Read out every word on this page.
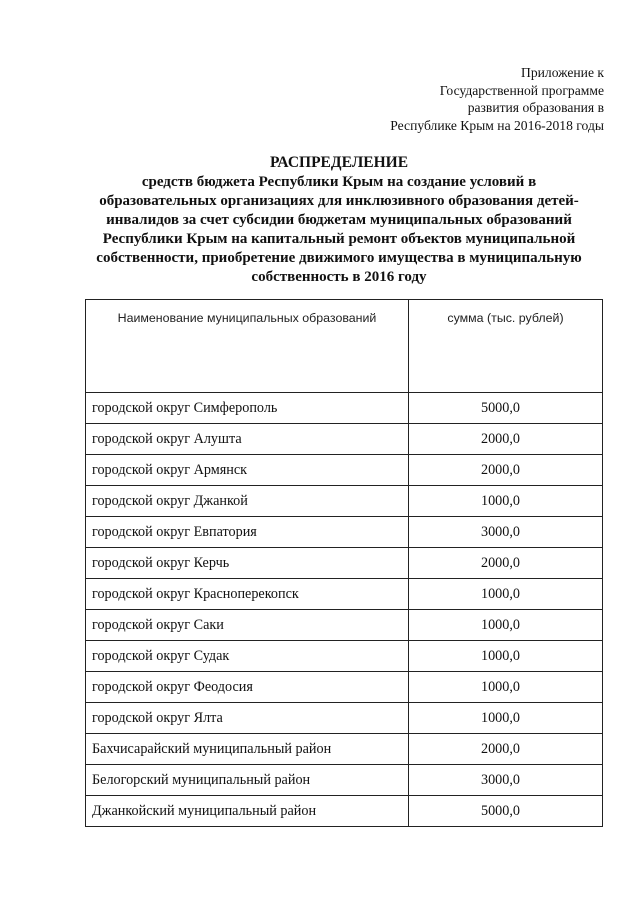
Приложение к
Государственной программе
развития образования в
Республике Крым на 2016-2018 годы
РАСПРЕДЕЛЕНИЕ
средств бюджета Республики Крым на создание условий в
образовательных организациях для инклюзивного образования детей-
инвалидов за счет субсидии бюджетам муниципальных образований
Республики Крым на капитальный ремонт объектов муниципальной
собственности, приобретение движимого имущества в муниципальную
собственность в 2016 году
Наименование муниципальных образований	сумма (тыс. рублей)
городской округ Симферополь	5000,0
городской округ Алушта	2000,0
городской округ Армянск	2000,0
городской округ Джанкой	1000,0
городской округ Евпатория	3000,0
городской округ Керчь	2000,0
городской округ Красноперекопск	1000,0
городской округ Саки	1000,0
городской округ Судак	1000,0
городской округ Феодосия	1000,0
городской округ Ялта	1000,0
Бахчисарайский муниципальный район	2000,0
Белогорский муниципальный район	3000,0
Джанкойский муниципальный район	5000,0
